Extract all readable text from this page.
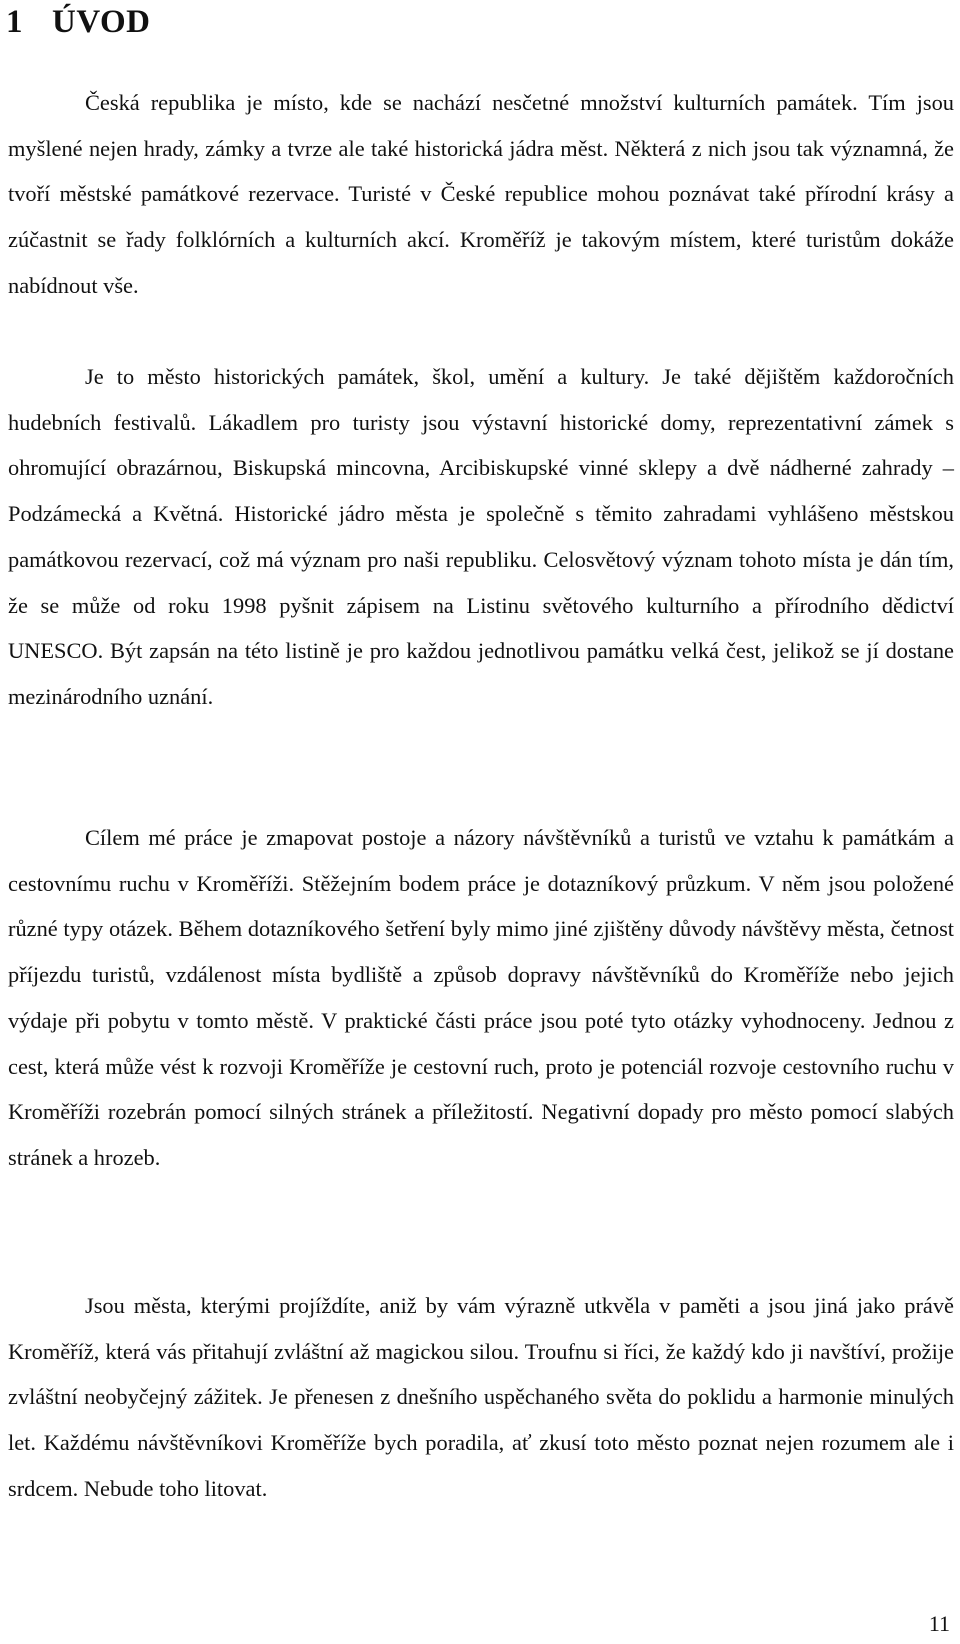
1 ÚVOD

Česká republika je místo, kde se nachází nesčetné množství kulturních památek. Tím jsou myšlené nejen hrady, zámky a tvrze ale také historická jádra měst. Některá z nich jsou tak významná, že tvoří městské památkové rezervace. Turisté v České republice mohou poznávat také přírodní krásy a zúčastnit se řady folklórních a kulturních akcí. Kroměříž je takovým místem, které turistům dokáže nabídnout vše.

Je to město historických památek, škol, umění a kultury. Je také dějištěm každoročních hudebních festivalů. Lákadlem pro turisty jsou výstavní historické domy, reprezentativní zámek s ohromující obrazárnou, Biskupská mincovna, Arcibiskupské vinné sklepy a dvě nádherné zahrady – Podzámecká a Květná. Historické jádro města je společně s těmito zahradami vyhlášeno městskou památkovou rezervací, což má význam pro naši republiku. Celosvětový význam tohoto místa je dán tím, že se může od roku 1998 pyšnit zápisem na Listinu světového kulturního a přírodního dědictví UNESCO. Být zapsán na této listině je pro každou jednotlivou památku velká čest, jelikož se jí dostane mezinárodního uznání.

Cílem mé práce je zmapovat postoje a názory návštěvníků a turistů ve vztahu k památkám a cestovnímu ruchu v Kroměříži. Stěžejním bodem práce je dotazníkový průzkum. V něm jsou položené různé typy otázek. Během dotazníkového šetření byly mimo jiné zjištěny důvody návštěvy města, četnost příjezdu turistů, vzdálenost místa bydliště a způsob dopravy návštěvníků do Kroměříže nebo jejich výdaje při pobytu v tomto městě. V praktické části práce jsou poté tyto otázky vyhodnoceny. Jednou z cest, která může vést k rozvoji Kroměříže je cestovní ruch, proto je potenciál rozvoje cestovního ruchu v Kroměříži rozebrán pomocí silných stránek a příležitostí. Negativní dopady pro město pomocí slabých stránek a hrozeb.

Jsou města, kterými projíždíte, aniž by vám výrazně utkvěla v paměti a jsou jiná jako právě Kroměříž, která vás přitahují zvláštní až magickou silou. Troufnu si říci, že každý kdo ji navštíví, prožije zvláštní neobyčejný zážitek. Je přenesen z dnešního uspěchaného světa do poklidu a harmonie minulých let. Každému návštěvníkovi Kroměříže bych poradila, ať zkusí toto město poznat nejen rozumem ale i srdcem. Nebude toho litovat.

11
